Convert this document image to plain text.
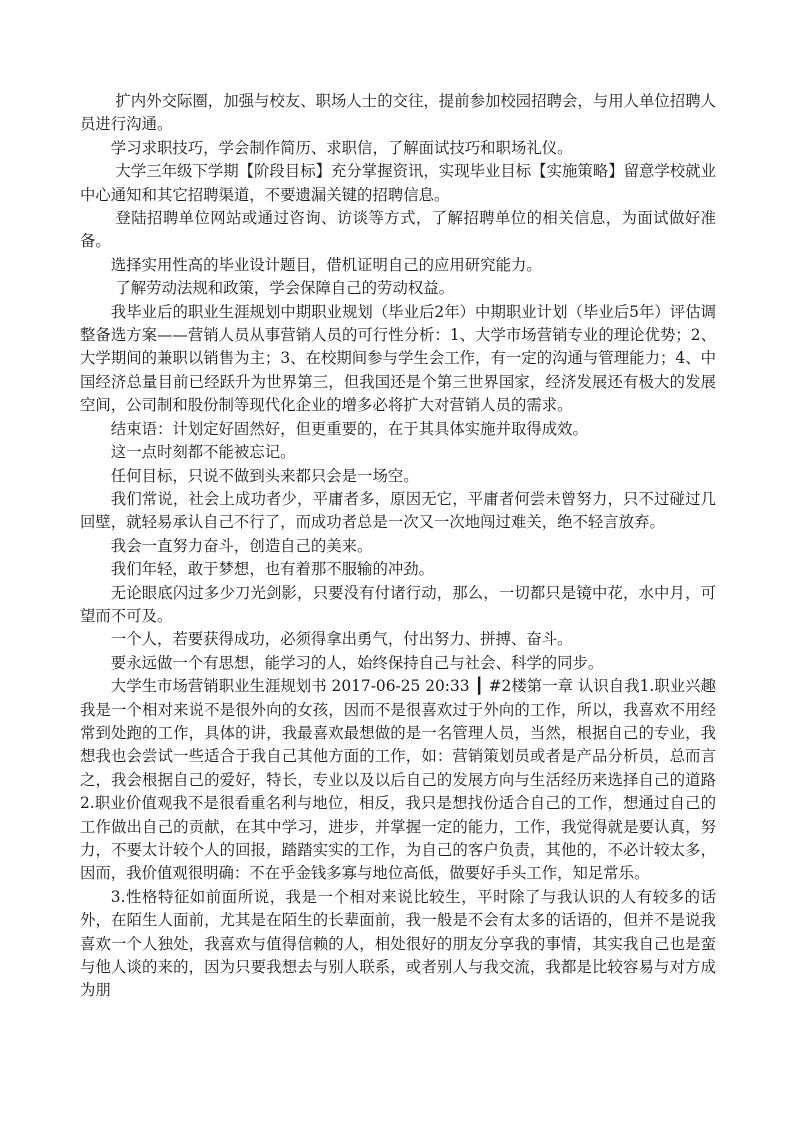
扩内外交际圈，加强与校友、职场人士的交往，提前参加校园招聘会，与用人单位招聘人员进行沟通。

学习求职技巧，学会制作简历、求职信，了解面试技巧和职场礼仪。

大学三年级下学期【阶段目标】充分掌握资讯，实现毕业目标【实施策略】留意学校就业中心通知和其它招聘渠道，不要遗漏关键的招聘信息。

登陆招聘单位网站或通过咨询、访谈等方式，了解招聘单位的相关信息，为面试做好准备。

选择实用性高的毕业设计题目，借机证明自己的应用研究能力。

了解劳动法规和政策，学会保障自己的劳动权益。

我毕业后的职业生涯规划中期职业规划（毕业后2年）中期职业计划（毕业后5年）评估调整备选方案——营销人员从事营销人员的可行性分析：1、大学市场营销专业的理论优势；2、大学期间的兼职以销售为主；3、在校期间参与学生会工作，有一定的沟通与管理能力；4、中国经济总量目前已经跃升为世界第三，但我国还是个第三世界国家，经济发展还有极大的发展空间，公司制和股份制等现代化企业的增多必将扩大对营销人员的需求。

结束语：计划定好固然好，但更重要的，在于其具体实施并取得成效。

这一点时刻都不能被忘记。

任何目标，只说不做到头来都只会是一场空。

我们常说，社会上成功者少，平庸者多，原因无它，平庸者何尝未曾努力，只不过碰过几回壁，就轻易承认自己不行了，而成功者总是一次又一次地闯过难关，绝不轻言放弃。

我会一直努力奋斗，创造自己的美来。

我们年轻，敢于梦想，也有着那不服输的冲劲。

无论眼底闪过多少刀光剑影，只要没有付诸行动，那么，一切都只是镜中花，水中月，可望而不可及。

一个人，若要获得成功，必须得拿出勇气，付出努力、拼搏、奋斗。

要永远做一个有思想，能学习的人，始终保持自己与社会、科学的同步。

大学生市场营销职业生涯规划书 2017-06-25 20:33 ┃ #2楼第一章 认识自我1.职业兴趣我是一个相对来说不是很外向的女孩，因而不是很喜欢过于外向的工作，所以，我喜欢不用经常到处跑的工作，具体的讲，我最喜欢最想做的是一名管理人员，当然，根据自己的专业，我想我也会尝试一些适合于我自己其他方面的工作，如：营销策划员或者是产品分析员，总而言之，我会根据自己的爱好，特长，专业以及以后自己的发展方向与生活经历来选择自己的道路 2.职业价值观我不是很看重名利与地位，相反，我只是想找份适合自己的工作，想通过自己的工作做出自己的贡献，在其中学习，进步，并掌握一定的能力，工作，我觉得就是要认真，努力，不要太计较个人的回报，踏踏实实的工作，为自己的客户负责，其他的，不必计较太多，因而，我价值观很明确：不在乎金钱多寡与地位高低，做要好手头工作，知足常乐。

3.性格特征如前面所说，我是一个相对来说比较生，平时除了与我认识的人有较多的话外，在陌生人面前，尤其是在陌生的长辈面前，我一般是不会有太多的话语的，但并不是说我喜欢一个人独处，我喜欢与值得信赖的人，相处很好的朋友分享我的事情，其实我自己也是蛮与他人谈的来的，因为只要我想去与别人联系，或者别人与我交流，我都是比较容易与对方成为朋
